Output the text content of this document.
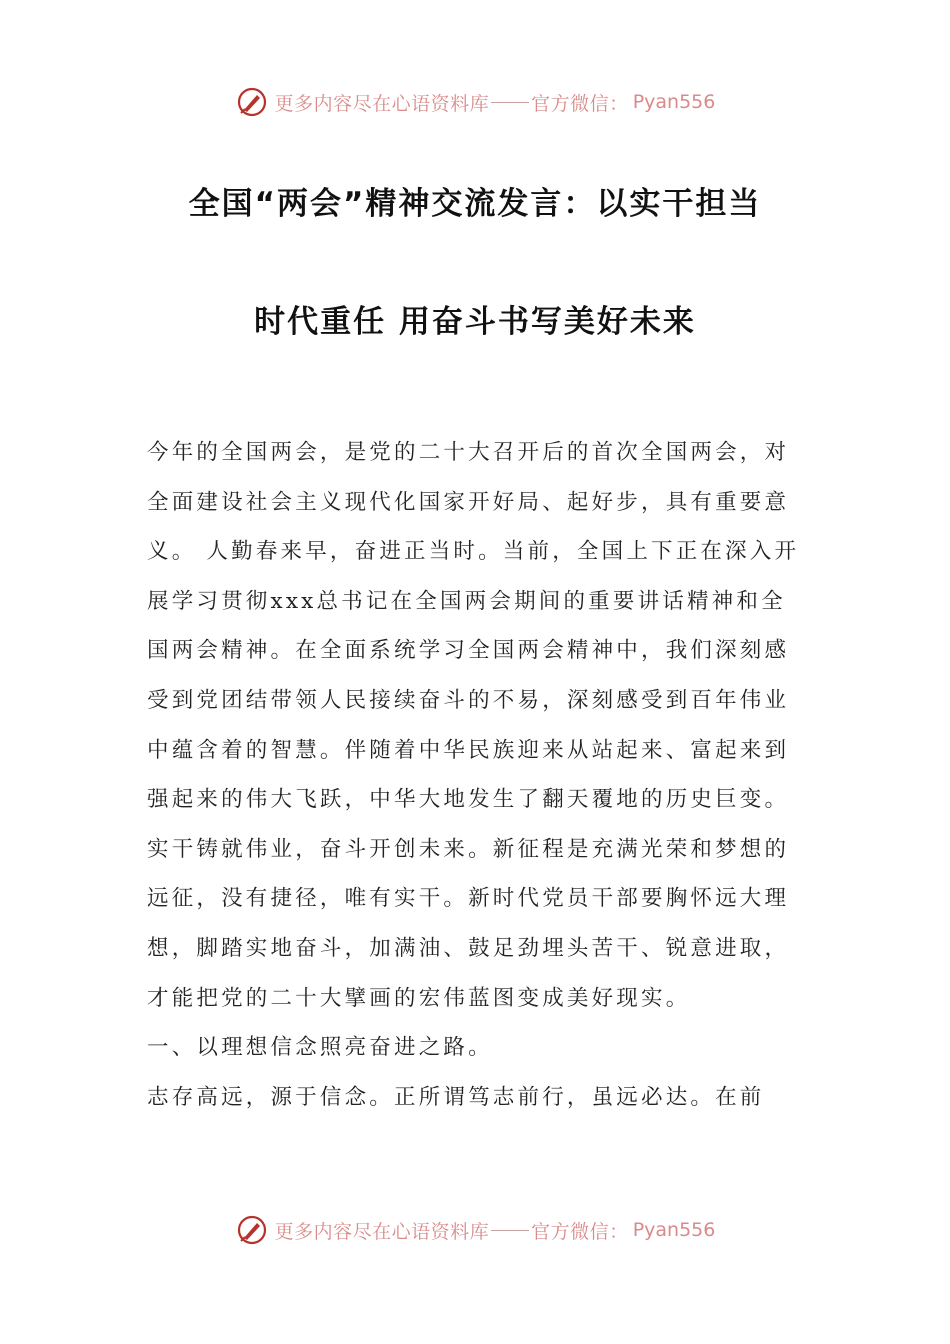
更多内容尽在心语资料库 官方微信： Pyan556
全国“两会”精神交流发言：以实干担当
时代重任 用奋斗书写美好未来

今年的全国两会，是党的二十大召开后的首次全国两会，对全面建设社会主义现代化国家开好局、起好步，具有重要意义。 人勤春来早，奋进正当时。当前，全国上下正在深入开展学习贯彻xxx总书记在全国两会期间的重要讲话精神和全国两会精神。在全面系统学习全国两会精神中，我们深刻感受到党团结带领人民接续奋斗的不易，深刻感受到百年伟业中蕴含着的智慧。伴随着中华民族迎来从站起来、富起来到强起来的伟大飞跃，中华大地发生了翻天覆地的历史巨变。实干铸就伟业，奋斗开创未来。新征程是充满光荣和梦想的远征，没有捷径，唯有实干。新时代党员干部要胸怀远大理想，脚踏实地奋斗，加满油、鼓足劲埋头苦干、锐意进取，才能把党的二十大擘画的宏伟蓝图变成美好现实。

一、以理想信念照亮奋进之路。

志存高远，源于信念。正所谓笃志前行，虽远必达。在前

更多内容尽在心语资料库 官方微信： Pyan556
